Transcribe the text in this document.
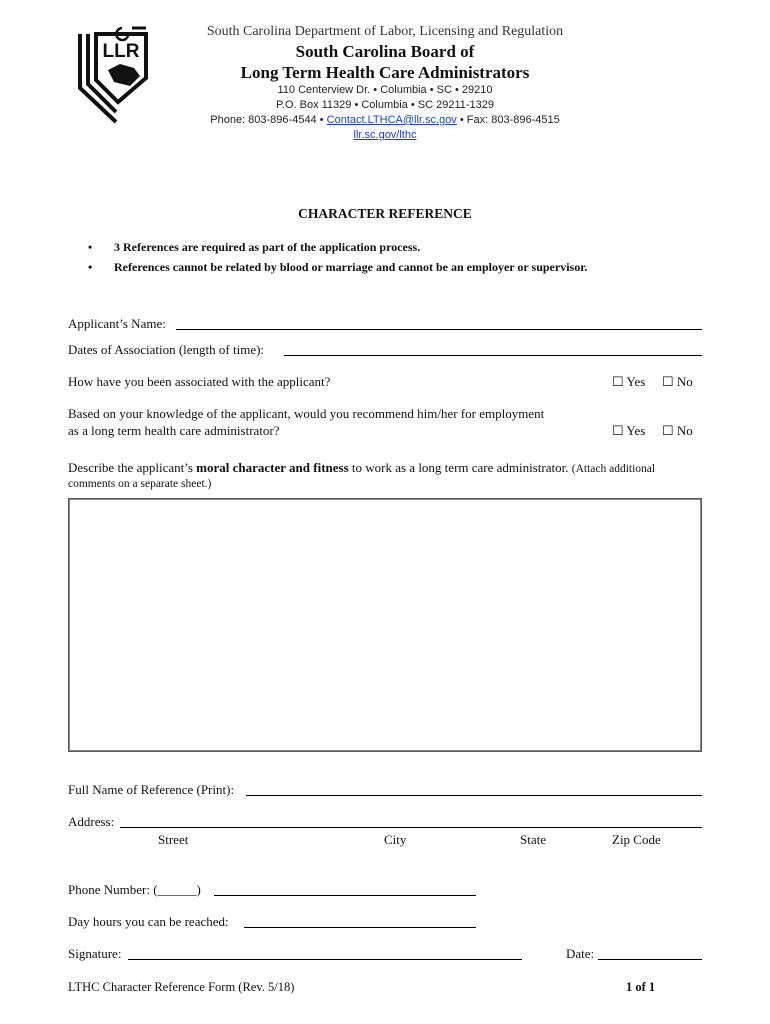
LLR
South Carolina Department of Labor, Licensing and Regulation
South Carolina Board of
Long Term Health Care Administrators
110 Centerview Dr. • Columbia • SC • 29210
P.O. Box 11329 • Columbia • SC 29211-1329
Phone: 803-896-4544 • Contact.LTHCA@llr.sc.gov • Fax: 803-896-4515
llr.sc.gov/lthc
CHARACTER REFERENCE
• 3 References are required as part of the application process.
• References cannot be related by blood or marriage and cannot be an employer or supervisor.
Applicant’s Name:
Dates of Association (length of time):
How have you been associated with the applicant?	☐ Yes ☐ No
Based on your knowledge of the applicant, would you recommend him/her for employment
as a long term health care administrator?	☐ Yes ☐ No
Describe the applicant’s moral character and fitness to work as a long term care administrator. (Attach additional
comments on a separate sheet.)
Full Name of Reference (Print):
Address:
Street	City	State	Zip Code
Phone Number: (______)
Day hours you can be reached:
Signature:	Date:
LTHC Character Reference Form (Rev. 5/18)	1 of 1
